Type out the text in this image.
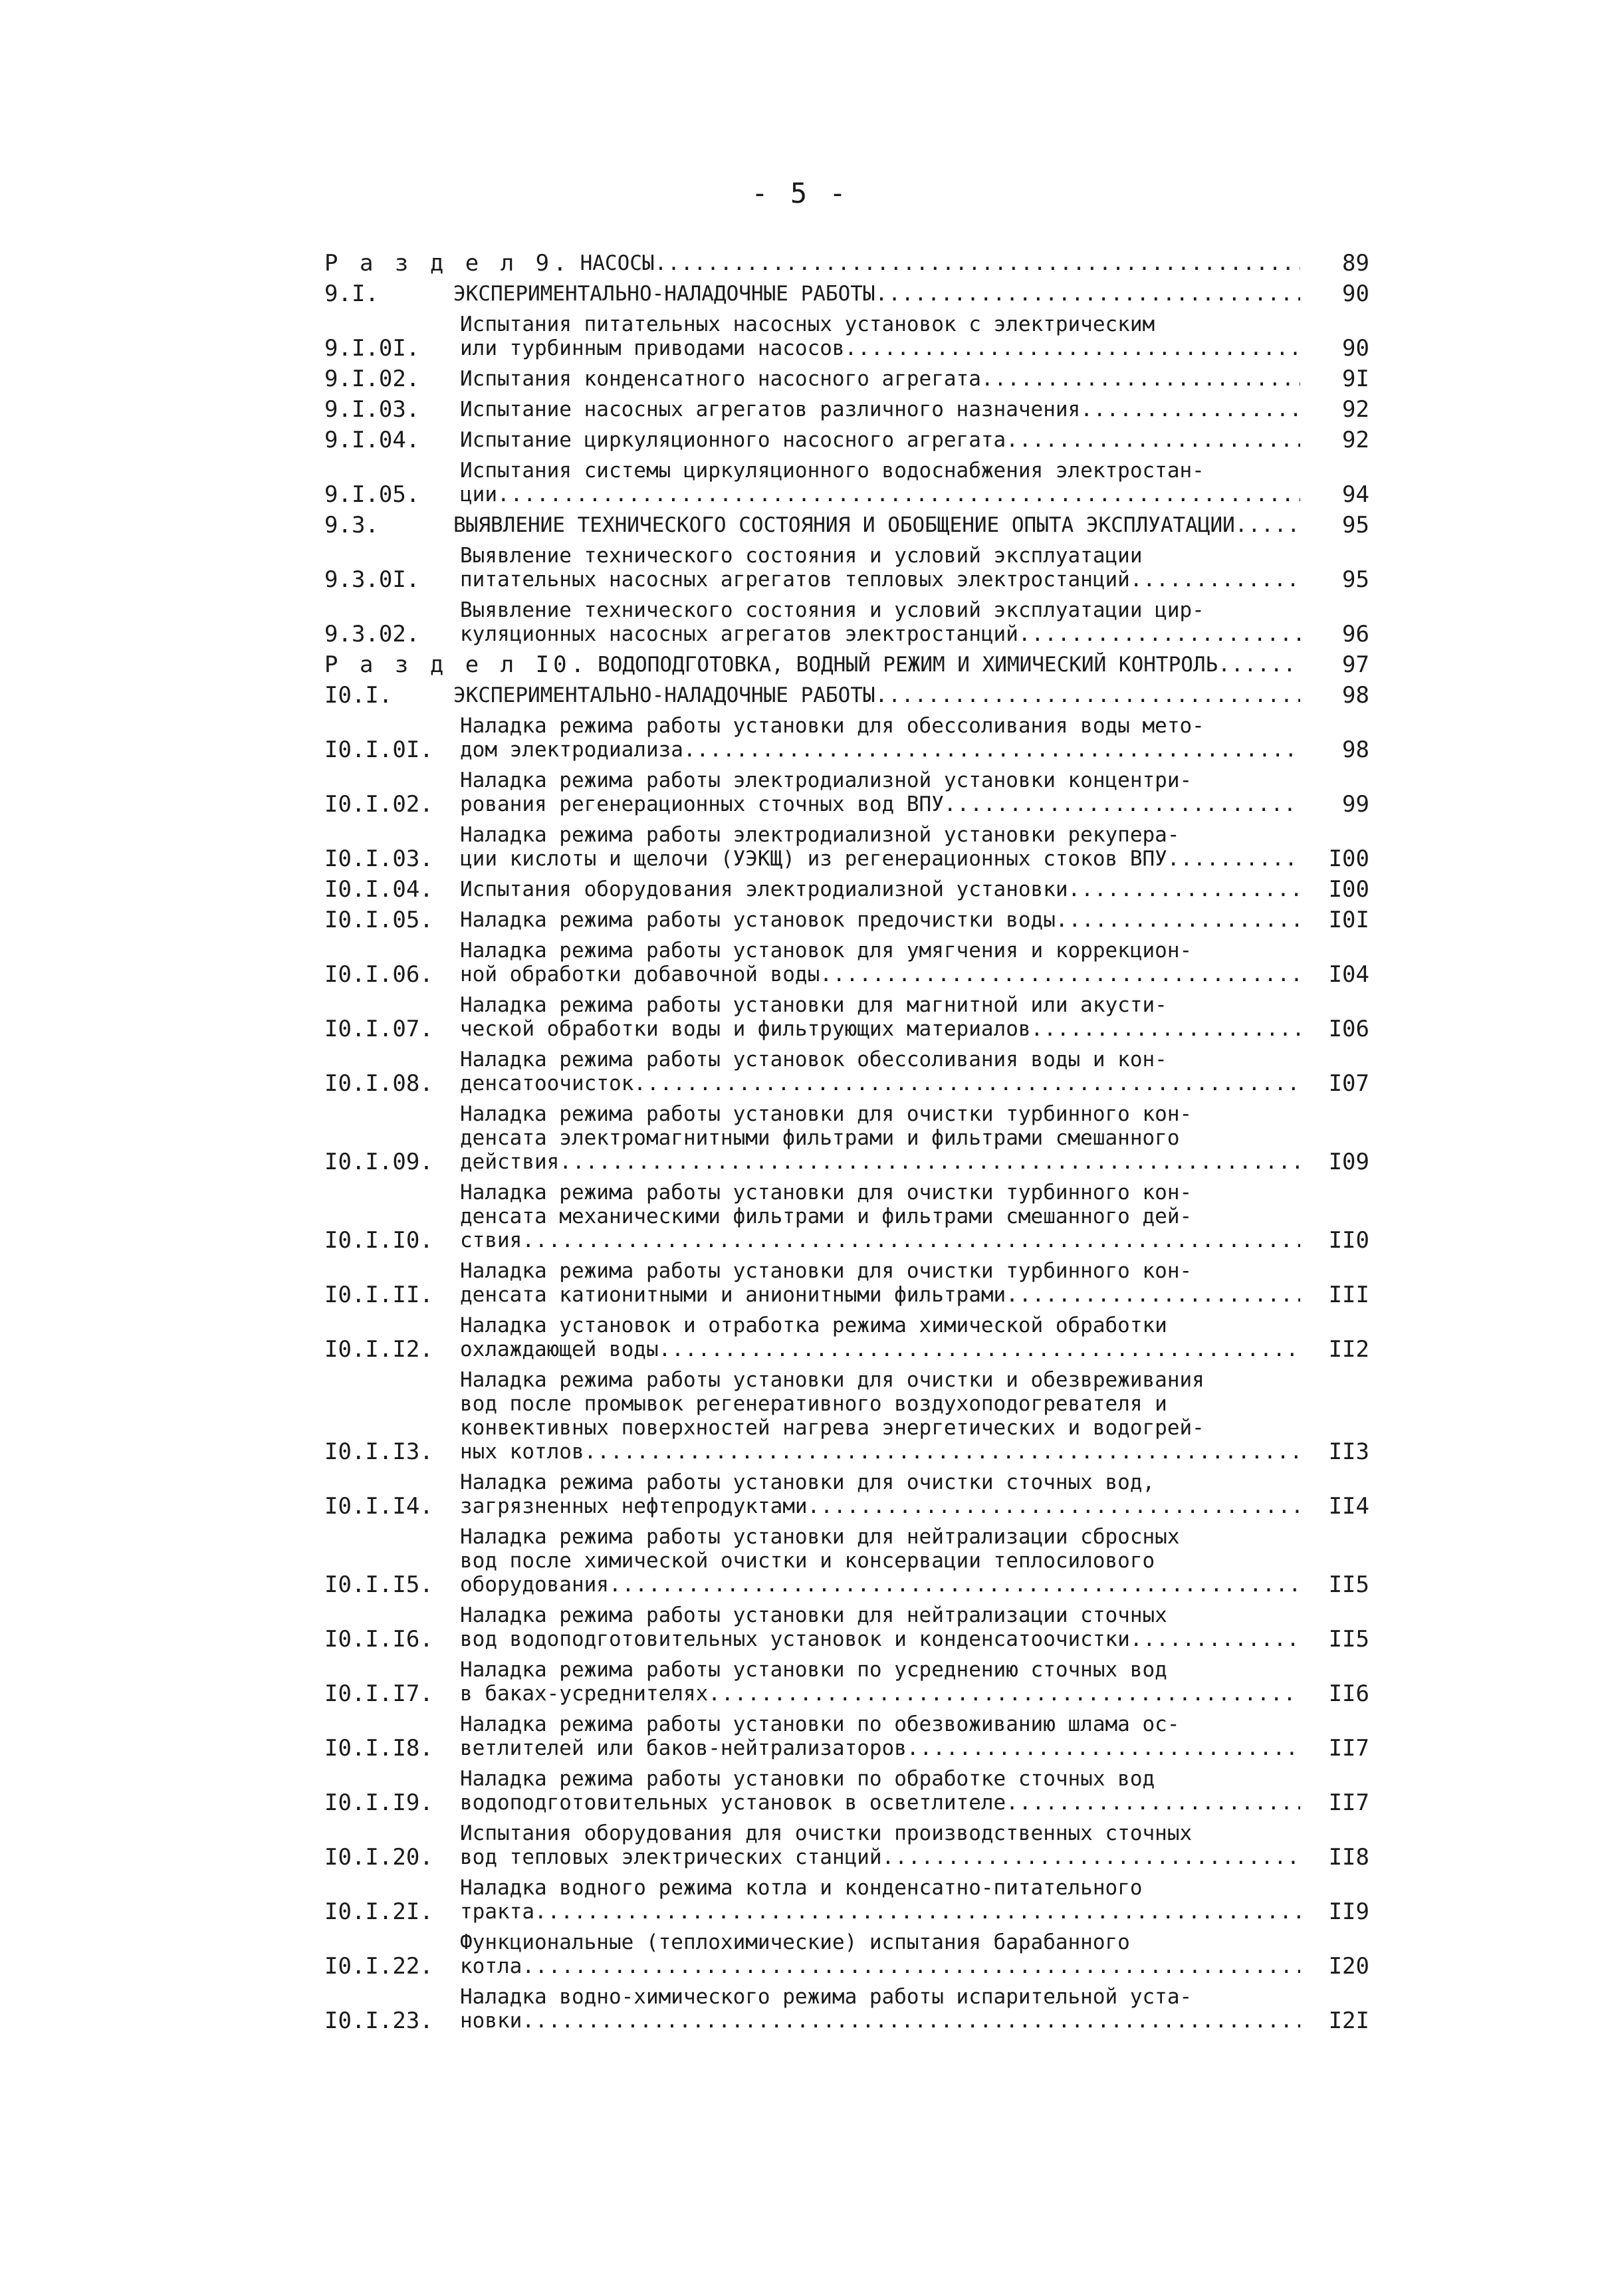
- 5 -
Р а з д е л 9. НАСОСЫ .....	89
9.I.	ЭКСПЕРИМЕНТАЛЬНО-НАЛАДОЧНЫЕ РАБОТЫ .....	90
9.I.0I.
Испытания питательных насосных установок с электрическим
или турбинным приводами насосов .....	90
9.I.02.	Испытания конденсатного насосного агрегата .....	9I
9.I.03.	Испытание насосных агрегатов различного назначения .....	92
9.I.04.	Испытание циркуляционного насосного агрегата .....	92
9.I.05.
Испытания системы циркуляционного водоснабжения электростан-
ции .....	94
9.3.	ВЫЯВЛЕНИЕ ТЕХНИЧЕСКОГО СОСТОЯНИЯ И ОБОБЩЕНИЕ ОПЫТА ЭКСПЛУАТАЦИИ .....	95
9.3.0I.
Выявление технического состояния и условий эксплуатации
питательных насосных агрегатов тепловых электростанций .....	95
9.3.02.
Выявление технического состояния и условий эксплуатации цир-
куляционных насосных агрегатов электростанций .....	96
Р а з д е л I0. ВОДОПОДГОТОВКА, ВОДНЫЙ РЕЖИМ И ХИМИЧЕСКИЙ КОНТРОЛЬ .....	97
I0.I.	ЭКСПЕРИМЕНТАЛЬНО-НАЛАДОЧНЫЕ РАБОТЫ .....	98
I0.I.0I.
Наладка режима работы установки для обессоливания воды мето-
дом электродиализа .....	98
I0.I.02.
Наладка режима работы электродиализной установки концентри-
рования регенерационных сточных вод ВПУ .....	99
I0.I.03.
Наладка режима работы электродиализной установки рекупера-
ции кислоты и щелочи (УЭКЩ) из регенерационных стоков ВПУ .....	I00
I0.I.04.	Испытания оборудования электродиализной установки .....	I00
I0.I.05.	Наладка режима работы установок предочистки воды .....	I0I
I0.I.06.
Наладка режима работы установок для умягчения и коррекцион-
ной обработки добавочной воды .....	I04
I0.I.07.
Наладка режима работы установки для магнитной или акусти-
ческой обработки воды и фильтрующих материалов .....	I06
I0.I.08.
Наладка режима работы установок обессоливания воды и кон-
денсатоочисток .....	I07
I0.I.09.
Наладка режима работы установки для очистки турбинного кон-
денсата электромагнитными фильтрами и фильтрами смешанного
действия .....	I09
I0.I.I0.
Наладка режима работы установки для очистки турбинного кон-
денсата механическими фильтрами и фильтрами смешанного дей-
ствия .....	II0
I0.I.II.
Наладка режима работы установки для очистки турбинного кон-
денсата катионитными и анионитными фильтрами .....	III
I0.I.I2.
Наладка установок и отработка режима химической обработки
охлаждающей воды .....	II2
I0.I.I3.
Наладка режима работы установки для очистки и обезвреживания
вод после промывок регенеративного воздухоподогревателя и
конвективных поверхностей нагрева энергетических и водогрей-
ных котлов .....	II3
I0.I.I4.
Наладка режима работы установки для очистки сточных вод,
загрязненных нефтепродуктами .....	II4
I0.I.I5.
Наладка режима работы установки для нейтрализации сбросных
вод после химической очистки и консервации теплосилового
оборудования .....	II5
I0.I.I6.
Наладка режима работы установки для нейтрализации сточных
вод водоподготовительных установок и конденсатоочистки .....	II5
I0.I.I7.
Наладка режима работы установки по усреднению сточных вод
в баках-усреднителях .....	II6
I0.I.I8.
Наладка режима работы установки по обезвоживанию шлама ос-
ветлителей или баков-нейтрализаторов .....	II7
I0.I.I9.
Наладка режима работы установки по обработке сточных вод
водоподготовительных установок в осветлителе .....	II7
I0.I.20.
Испытания оборудования для очистки производственных сточных
вод тепловых электрических станций .....	II8
I0.I.2I.
Наладка водного режима котла и конденсатно-питательного
тракта .....	II9
I0.I.22.
Функциональные (теплохимические) испытания барабанного
котла .....	I20
I0.I.23.
Наладка водно-химического режима работы испарительной уста-
новки .....	I2I
